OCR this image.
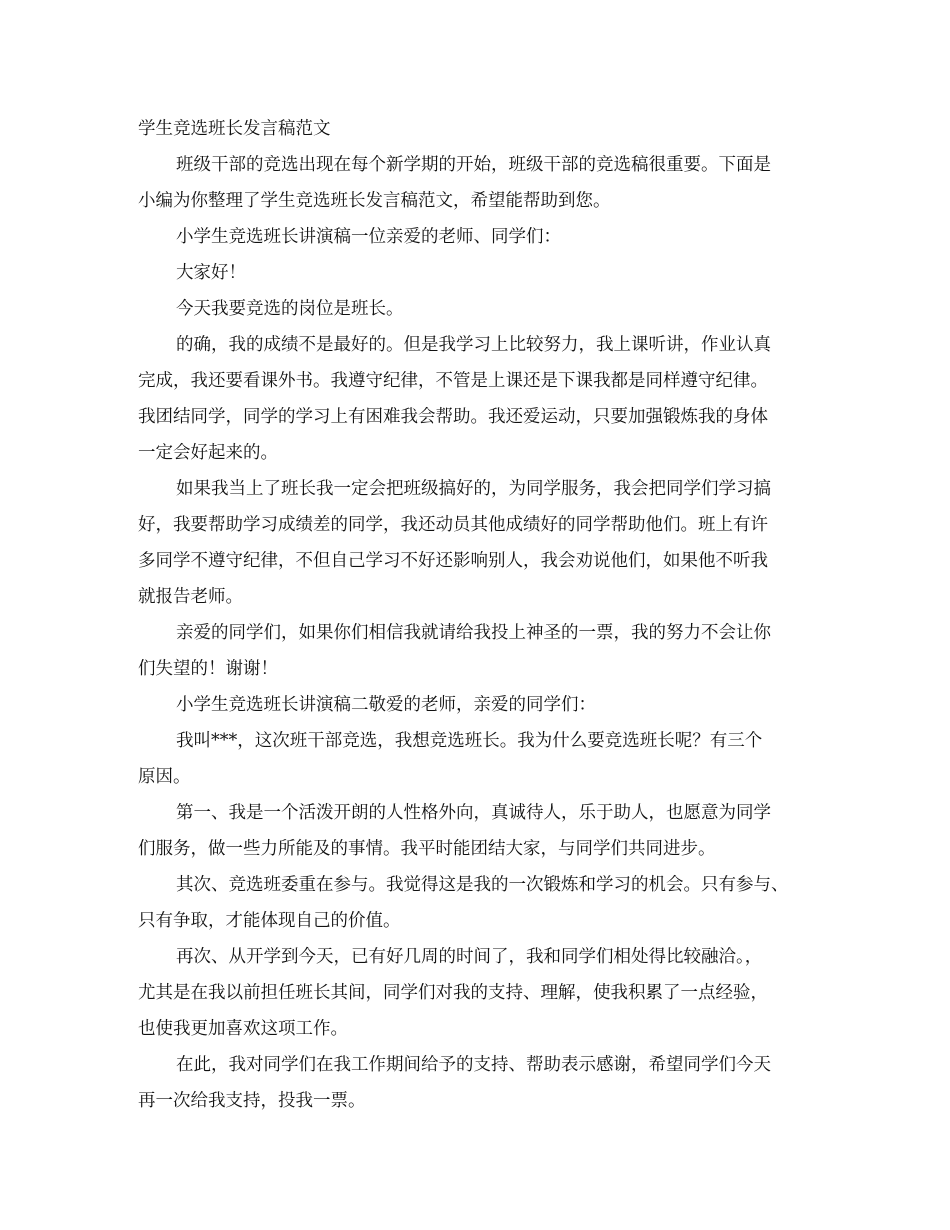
学生竞选班长发言稿范文

班级干部的竞选出现在每个新学期的开始，班级干部的竞选稿很重要。下面是

小编为你整理了学生竞选班长发言稿范文，希望能帮助到您。

小学生竞选班长讲演稿一位亲爱的老师、同学们：

大家好！

今天我要竞选的岗位是班长。

的确，我的成绩不是最好的。但是我学习上比较努力，我上课听讲，作业认真

完成，我还要看课外书。我遵守纪律，不管是上课还是下课我都是同样遵守纪律。

我团结同学，同学的学习上有困难我会帮助。我还爱运动，只要加强锻炼我的身体

一定会好起来的。

如果我当上了班长我一定会把班级搞好的，为同学服务，我会把同学们学习搞

好，我要帮助学习成绩差的同学，我还动员其他成绩好的同学帮助他们。班上有许

多同学不遵守纪律，不但自己学习不好还影响别人，我会劝说他们，如果他不听我

就报告老师。

亲爱的同学们，如果你们相信我就请给我投上神圣的一票，我的努力不会让你

们失望的！谢谢！

小学生竞选班长讲演稿二敬爱的老师，亲爱的同学们：

我叫***，这次班干部竞选，我想竞选班长。我为什么要竞选班长呢？有三个

原因。

第一、我是一个活泼开朗的人性格外向，真诚待人，乐于助人，也愿意为同学

们服务，做一些力所能及的事情。我平时能团结大家，与同学们共同进步。

其次、竞选班委重在参与。我觉得这是我的一次锻炼和学习的机会。只有参与、

只有争取，才能体现自己的价值。

再次、从开学到今天，已有好几周的时间了，我和同学们相处得比较融洽。，

尤其是在我以前担任班长其间，同学们对我的支持、理解，使我积累了一点经验，

也使我更加喜欢这项工作。

在此，我对同学们在我工作期间给予的支持、帮助表示感谢，希望同学们今天

再一次给我支持，投我一票。
